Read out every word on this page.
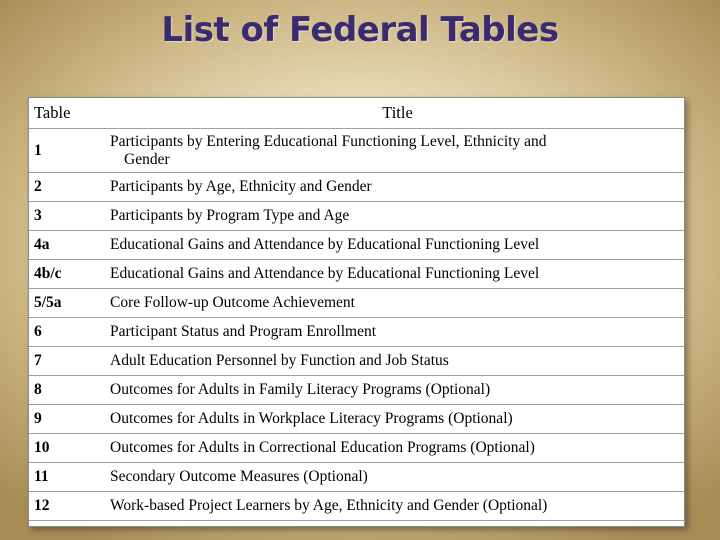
List of Federal Tables
Table	Title
1	Participants by Entering Educational Functioning Level, Ethnicity and
Gender
2	Participants by Age, Ethnicity and Gender
3	Participants by Program Type and Age
4a	Educational Gains and Attendance by Educational Functioning Level
4b/c	Educational Gains and Attendance by Educational Functioning Level
5/5a	Core Follow-up Outcome Achievement
6	Participant Status and Program Enrollment
7	Adult Education Personnel by Function and Job Status
8	Outcomes for Adults in Family Literacy Programs (Optional)
9	Outcomes for Adults in Workplace Literacy Programs (Optional)
10	Outcomes for Adults in Correctional Education Programs (Optional)
11	Secondary Outcome Measures (Optional)
12	Work-based Project Learners by Age, Ethnicity and Gender (Optional)
